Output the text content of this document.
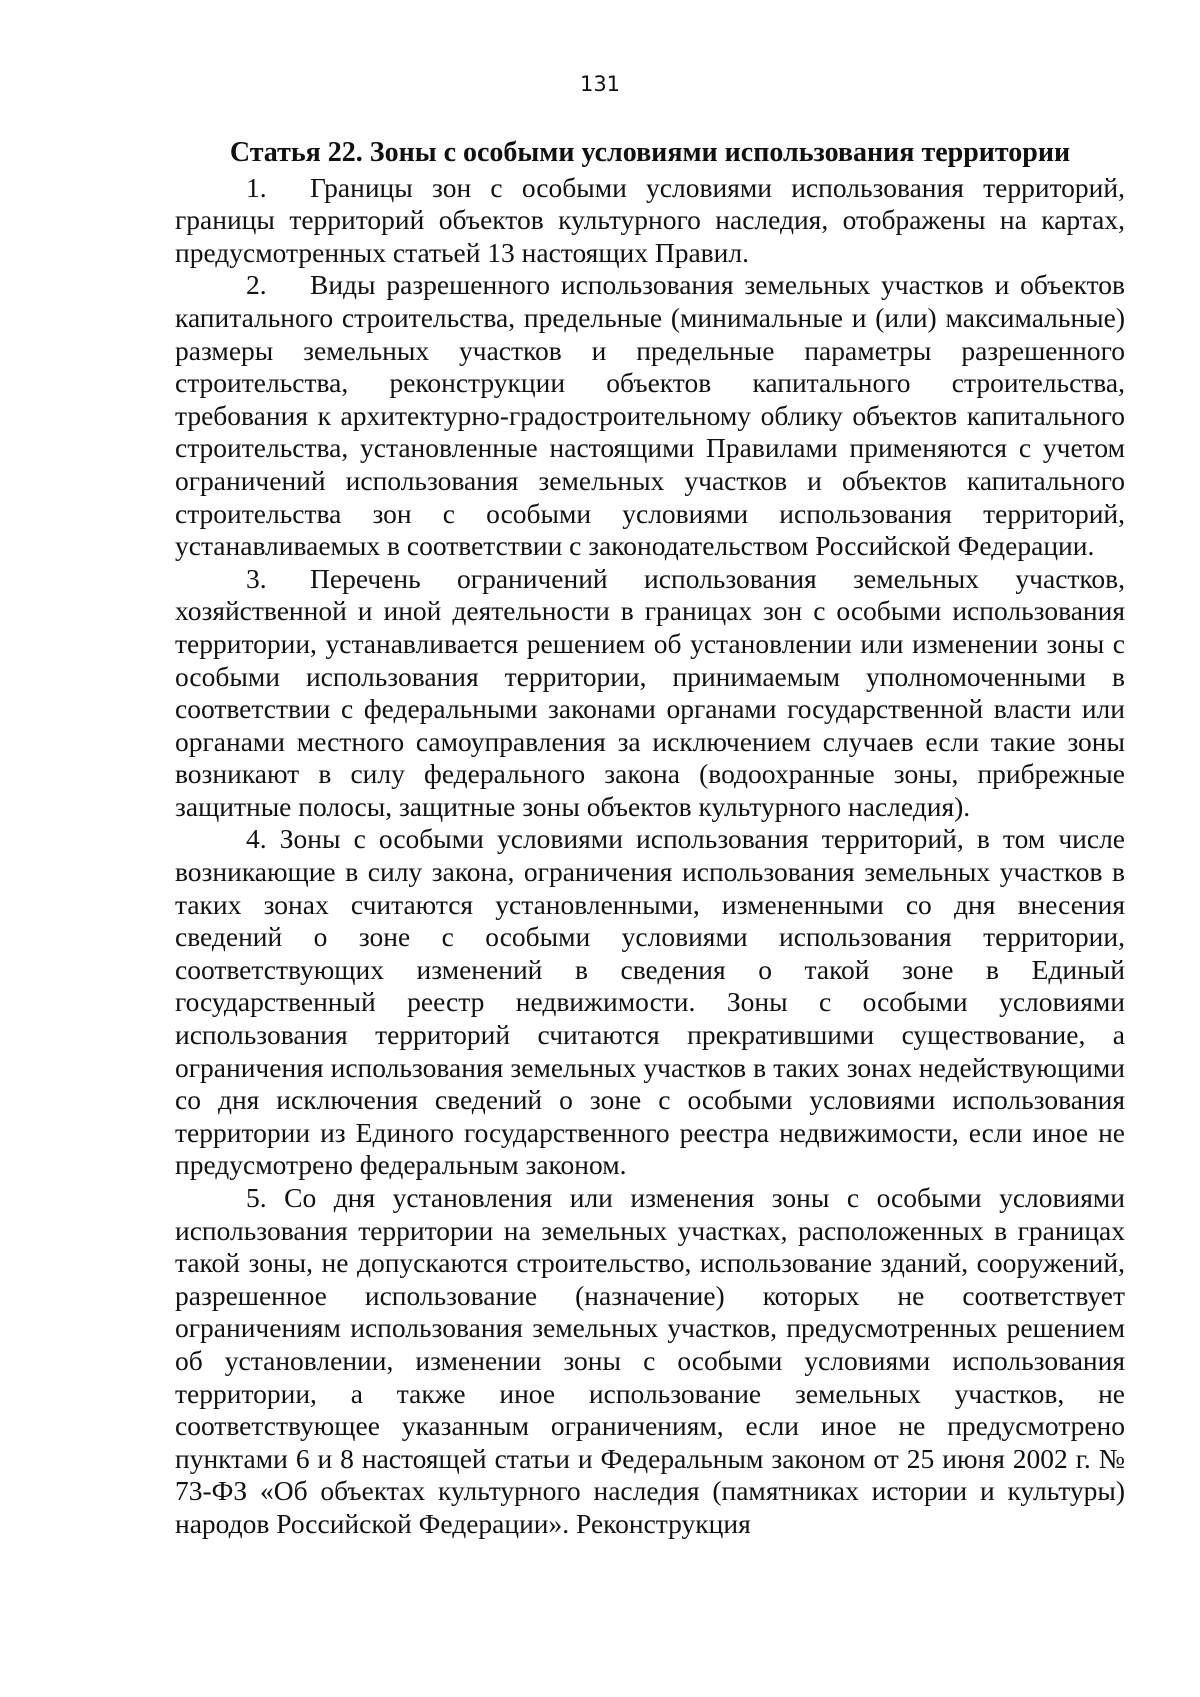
131

Статья 22. Зоны с особыми условиями использования территории

1. Границы зон с особыми условиями использования территорий, границы территорий объектов культурного наследия, отображены на картах, предусмотренных статьей 13 настоящих Правил.

2. Виды разрешенного использования земельных участков и объектов капитального строительства, предельные (минимальные и (или) максимальные) размеры земельных участков и предельные параметры разрешенного строительства, реконструкции объектов капитального строительства, требования к архитектурно-градостроительному облику объектов капитального строительства, установленные настоящими Правилами применяются с учетом ограничений использования земельных участков и объектов капитального строительства зон с особыми условиями использования территорий, устанавливаемых в соответствии с законодательством Российской Федерации.

3. Перечень ограничений использования земельных участков, хозяйственной и иной деятельности в границах зон с особыми использования территории, устанавливается решением об установлении или изменении зоны с особыми использования территории, принимаемым уполномоченными в соответствии с федеральными законами органами государственной власти или органами местного самоуправления за исключением случаев если такие зоны возникают в силу федерального закона (водоохранные зоны, прибрежные защитные полосы, защитные зоны объектов культурного наследия).

4. Зоны с особыми условиями использования территорий, в том числе возникающие в силу закона, ограничения использования земельных участков в таких зонах считаются установленными, измененными со дня внесения сведений о зоне с особыми условиями использования территории, соответствующих изменений в сведения о такой зоне в Единый государственный реестр недвижимости. Зоны с особыми условиями использования территорий считаются прекратившими существование, а ограничения использования земельных участков в таких зонах недействующими со дня исключения сведений о зоне с особыми условиями использования территории из Единого государственного реестра недвижимости, если иное не предусмотрено федеральным законом.

5. Со дня установления или изменения зоны с особыми условиями использования территории на земельных участках, расположенных в границах такой зоны, не допускаются строительство, использование зданий, сооружений, разрешенное использование (назначение) которых не соответствует ограничениям использования земельных участков, предусмотренных решением об установлении, изменении зоны с особыми условиями использования территории, а также иное использование земельных участков, не соответствующее указанным ограничениям, если иное не предусмотрено пунктами 6 и 8 настоящей статьи и Федеральным законом от 25 июня 2002 г. № 73-ФЗ «Об объектах культурного наследия (памятниках истории и культуры) народов Российской Федерации». Реконструкция
